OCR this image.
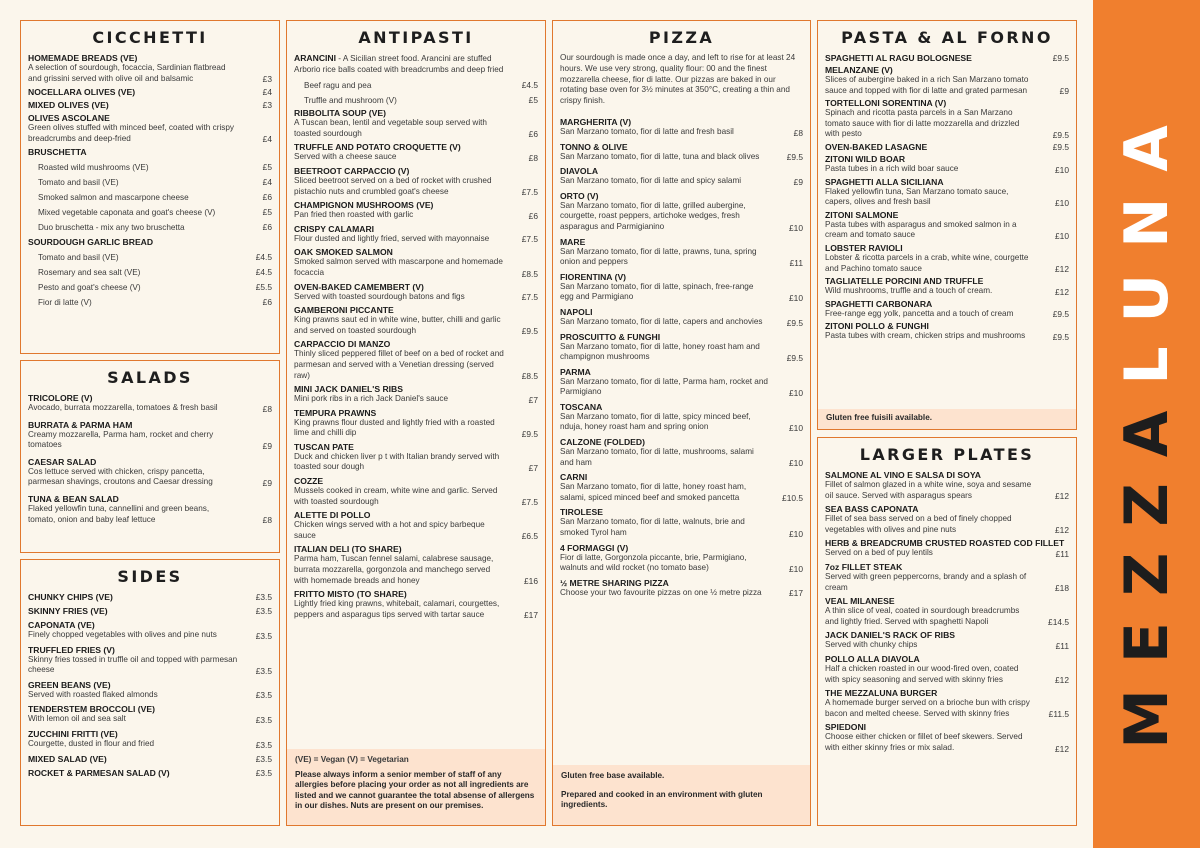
CICCHETTI
HOMEMADE BREADS (VE)
A selection of sourdough, focaccia, Sardinian flatbread and grissini served with olive oil and balsamic	£3
NOCELLARA OLIVES (VE)	£4
MIXED OLIVES (VE)	£3
OLIVES ASCOLANE
Green olives stuffed with minced beef, coated with crispy breadcrumbs and deep-fried	£4
BRUSCHETTA
Roasted wild mushrooms (VE)	£5
Tomato and basil (VE)	£4
Smoked salmon and mascarpone cheese	£6
Mixed vegetable caponata and goat's cheese (V)	£5
Duo bruschetta - mix any two bruschetta	£6
SOURDOUGH GARLIC BREAD
Tomato and basil (VE)	£4.5
Rosemary and sea salt (VE)	£4.5
Pesto and goat's cheese (V)	£5.5
Fior di latte (V)	£6
SALADS
TRICOLORE (V)
Avocado, burrata mozzarella, tomatoes & fresh basil	£8
BURRATA & PARMA HAM
Creamy mozzarella, Parma ham, rocket and cherry tomatoes	£9
CAESAR SALAD
Cos lettuce served with chicken, crispy pancetta, parmesan shavings, croutons and Caesar dressing	£9
TUNA & BEAN SALAD
Flaked yellowfin tuna, cannellini and green beans, tomato, onion and baby leaf lettuce	£8
SIDES
CHUNKY CHIPS (VE)	£3.5
SKINNY FRIES (VE)	£3.5
CAPONATA (VE)
Finely chopped vegetables with olives and pine nuts	£3.5
TRUFFLED FRIES (V)
Skinny fries tossed in truffle oil and topped with parmesan cheese	£3.5
GREEN BEANS (VE)
Served with roasted flaked almonds	£3.5
TENDERSTEM BROCCOLI (VE)
With lemon oil and sea salt	£3.5
ZUCCHINI FRITTI (VE)
Courgette, dusted in flour and fried	£3.5
MIXED SALAD (VE)	£3.5
ROCKET & PARMESAN SALAD (V)	£3.5
ANTIPASTI
ARANCINI - A Sicilian street food. Arancini are stuffed Arborio rice balls coated with breadcrumbs and deep fried
Beef ragu and pea	£4.5
Truffle and mushroom (V)	£5
RIBBOLITA SOUP (VE)
A Tuscan bean, lentil and vegetable soup served with toasted sourdough	£6
TRUFFLE AND POTATO CROQUETTE (V)
Served with a cheese sauce	£8
BEETROOT CARPACCIO (V)
Sliced beetroot served on a bed of rocket with crushed pistachio nuts and crumbled goat's cheese	£7.5
CHAMPIGNON MUSHROOMS (VE)
Pan fried then roasted with garlic	£6
CRISPY CALAMARI
Flour dusted and lightly fried, served with mayonnaise	£7.5
OAK SMOKED SALMON
Smoked salmon served with mascarpone and homemade focaccia	£8.5
OVEN-BAKED CAMEMBERT (V)
Served with toasted sourdough batons and figs	£7.5
GAMBERONI PICCANTE
King prawns saut ed in white wine, butter, chilli and garlic and served on toasted sourdough	£9.5
CARPACCIO DI MANZO
Thinly sliced peppered fillet of beef on a bed of rocket and parmesan and served with a Venetian dressing (served raw)	£8.5
MINI JACK DANIEL'S RIBS
Mini pork ribs in a rich Jack Daniel's sauce	£7
TEMPURA PRAWNS
King prawns flour dusted and lightly fried with a roasted lime and chilli dip	£9.5
TUSCAN PATE
Duck and chicken liver p t with Italian brandy served with toasted sour dough	£7
COZZE
Mussels cooked in cream, white wine and garlic. Served with toasted sourdough	£7.5
ALETTE DI POLLO
Chicken wings served with a hot and spicy barbeque sauce	£6.5
ITALIAN DELI (TO SHARE)
Parma ham, Tuscan fennel salami, calabrese sausage, burrata mozzarella, gorgonzola and manchego served with homemade breads and honey	£16
FRITTO MISTO (TO SHARE)
Lightly fried king prawns, whitebait, calamari, courgettes, peppers and asparagus tips served with tartar sauce	£17
(VE) = Vegan (V) = Vegetarian
Please always inform a senior member of staff of any allergies before placing your order as not all ingredients are listed and we cannot guarantee the total absense of allergens in our dishes. Nuts are present on our premises.
PIZZA
Our sourdough is made once a day, and left to rise for at least 24 hours. We use very strong, quality flour: 00 and the finest mozzarella cheese, fior di latte. Our pizzas are baked in our rotating base oven for 3½ minutes at 350°C, creating a thin and crispy finish.
MARGHERITA (V)
San Marzano tomato, fior di latte and fresh basil	£8
TONNO & OLIVE
San Marzano tomato, fior di latte, tuna and black olives	£9.5
DIAVOLA
San Marzano tomato, fior di latte and spicy salami	£9
ORTO (V)
San Marzano tomato, fior di latte, grilled aubergine, courgette, roast peppers, artichoke wedges, fresh asparagus and Parmigianino	£10
MARE
San Marzano tomato, fior di latte, prawns, tuna, spring onion and peppers	£11
FIORENTINA (V)
San Marzano tomato, fior di latte, spinach, free-range egg and Parmigiano	£10
NAPOLI
San Marzano tomato, fior di latte, capers and anchovies	£9.5
PROSCUITTO & FUNGHI
San Marzano tomato, fior di latte, honey roast ham and champignon mushrooms	£9.5
PARMA
San Marzano tomato, fior di latte, Parma ham, rocket and Parmigiano	£10
TOSCANA
San Marzano tomato, fior di latte, spicy minced beef, nduja, honey roast ham and spring onion	£10
CALZONE (FOLDED)
San Marzano tomato, fior di latte, mushrooms, salami and ham	£10
CARNI
San Marzano tomato, fior di latte, honey roast ham, salami, spiced minced beef and smoked pancetta	£10.5
TIROLESE
San Marzano tomato, fior di latte, walnuts, brie and smoked Tyrol ham	£10
4 FORMAGGI (V)
Fior di latte, Gorgonzola piccante, brie, Parmigiano, walnuts and wild rocket (no tomato base)	£10
½ METRE SHARING PIZZA
Choose your two favourite pizzas on one ½ metre pizza	£17
Gluten free base available.
Prepared and cooked in an environment with gluten ingredients.
PASTA & AL FORNO
SPAGHETTI AL RAGU BOLOGNESE	£9.5
MELANZANE (V)
Slices of aubergine baked in a rich San Marzano tomato sauce and topped with fior di latte and grated parmesan	£9
TORTELLONI SORENTINA (V)
Spinach and ricotta pasta parcels in a San Marzano tomato sauce with fior di latte mozzarella and drizzled with pesto	£9.5
OVEN-BAKED LASAGNE	£9.5
ZITONI WILD BOAR
Pasta tubes in a rich wild boar sauce	£10
SPAGHETTI ALLA SICILIANA
Flaked yellowfin tuna, San Marzano tomato sauce, capers, olives and fresh basil	£10
ZITONI SALMONE
Pasta tubes with asparagus and smoked salmon in a cream and tomato sauce	£10
LOBSTER RAVIOLI
Lobster & ricotta parcels in a crab, white wine, courgette and Pachino tomato sauce	£12
TAGLIATELLE PORCINI AND TRUFFLE
Wild mushrooms, truffle and a touch of cream.	£12
SPAGHETTI CARBONARA
Free-range egg yolk, pancetta and a touch of cream	£9.5
ZITONI POLLO & FUNGHI
Pasta tubes with cream, chicken strips and mushrooms	£9.5
Gluten free fuisili available.
LARGER PLATES
SALMONE AL VINO E SALSA DI SOYA
Fillet of salmon glazed in a white wine, soya and sesame oil sauce. Served with asparagus spears	£12
SEA BASS CAPONATA
Fillet of sea bass served on a bed of finely chopped vegetables with olives and pine nuts	£12
HERB & BREADCRUMB CRUSTED ROASTED COD FILLET
Served on a bed of puy lentils	£11
7oz FILLET STEAK
Served with green peppercorns, brandy and a splash of cream	£18
VEAL MILANESE
A thin slice of veal, coated in sourdough breadcrumbs and lightly fried. Served with spaghetti Napoli	£14.5
JACK DANIEL'S RACK OF RIBS
Served with chunky chips	£11
POLLO ALLA DIAVOLA
Half a chicken roasted in our wood-fired oven, coated with spicy seasoning and served with skinny fries	£12
THE MEZZALUNA BURGER
A homemade burger served on a brioche bun with crispy bacon and melted cheese. Served with skinny fries	£11.5
SPIEDONI
Choose either chicken or fillet of beef skewers. Served with either skinny fries or mix salad.	£12 MEZZALUNA
